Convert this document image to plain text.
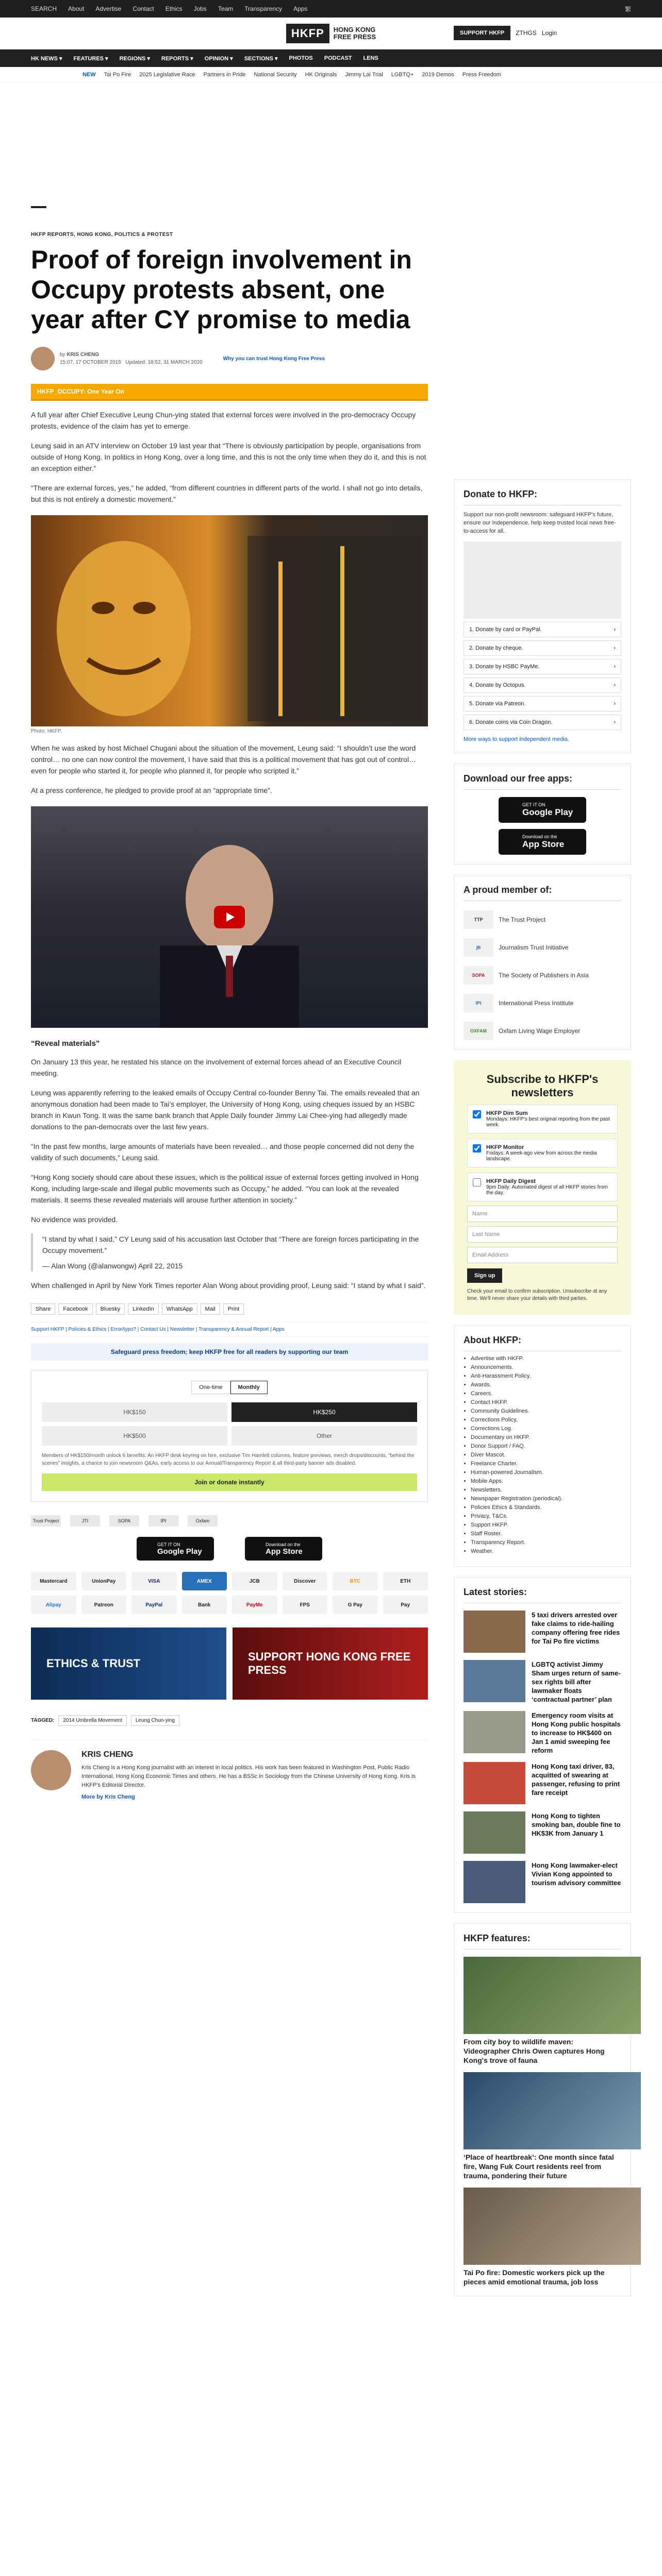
SEARCH About Advertise Contact Ethics Jobs Team Transparency Apps	繁
HKFP	HONG KONG
FREE PRESS	SUPPORT HKFP	ZTHGS Login
HK NEWS ▾ FEATURES ▾ REGIONS ▾ REPORTS ▾ OPINION ▾ SECTIONS ▾ PHOTOS PODCAST LENS
NEW Tai Po Fire 2025 Legislative Race Partners in Pride National Security HK Originals Jimmy Lai Trial LGBTQ+ 2019 Demos Press Freedom
HKFP REPORTS, HONG KONG, POLITICS & PROTEST
Proof of foreign involvement in Occupy protests absent, one year after CY promise to media
by KRIS CHENG
15:07, 17 OCTOBER 2015 Updated: 18:52, 31 MARCH 2020
Why you can trust Hong Kong Free Press
HKFP_OCCUPY: One Year On

A full year after Chief Executive Leung Chun-ying stated that external forces were involved in the pro-democracy Occupy protests, evidence of the claim has yet to emerge.

Leung said in an ATV interview on October 19 last year that “There is obviously participation by people, organisations from outside of Hong Kong. In politics in Hong Kong, over a long time, and this is not the only time when they do it, and this is not an exception either.”

“There are external forces, yes,” he added, “from different countries in different parts of the world. I shall not go into details, but this is not entirely a domestic movement.”

Photo: HKFP.

When he was asked by host Michael Chugani about the situation of the movement, Leung said: “I shouldn’t use the word control… no one can now control the movement, I have said that this is a political movement that has got out of control… even for people who started it, for people who planned it, for people who scripted it.”

At a press conference, he pledged to provide proof at an “appropriate time”.

“Reveal materials”

On January 13 this year, he restated his stance on the involvement of external forces ahead of an Executive Council meeting.

Leung was apparently referring to the leaked emails of Occupy Central co-founder Benny Tai. The emails revealed that an anonymous donation had been made to Tai’s employer, the University of Hong Kong, using cheques issued by an HSBC branch in Kwun Tong. It was the same bank branch that Apple Daily founder Jimmy Lai Chee-ying had allegedly made donations to the pan-democrats over the last few years.

“In the past few months, large amounts of materials have been revealed… and those people concerned did not deny the validity of such documents,” Leung said.

“Hong Kong society should care about these issues, which is the political issue of external forces getting involved in Hong Kong, including large-scale and illegal public movements such as Occupy,” he added. “You can look at the revealed materials. It seems these revealed materials will arouse further attention in society.”

No evidence was provided.

“I stand by what I said,” CY Leung said of his accusation last October that “There are foreign forces participating in the Occupy movement.”

— Alan Wong (@alanwongw) April 22, 2015

When challenged in April by New York Times reporter Alan Wong about providing proof, Leung said: “I stand by what I said”.

Share	Facebook	Bluesky	LinkedIn	WhatsApp	Mail	Print
Support HKFP | Policies & Ethics | Error/typo? | Contact Us | Newsletter | Transparency & Annual Report | Apps
Safeguard press freedom; keep HKFP free for all readers by supporting our team
One-time	Monthly
HK$150	HK$250
HK$500	Other
Members of HK$150/month unlock 6 benefits: An HKFP desk keyring on hire, exclusive Tim Hamlett columns, feature previews, merch drops/discounts, “behind the scenes” insights, a chance to join newsroom Q&As, early access to our Annual/Transparency Report & all third-party banner ads disabled.
Join or donate instantly
Trust Project	JTI	SOPA	IPI	Oxfam
GET IT ON
Google Play
Download on the
App Store
Mastercard	UnionPay	VISA	AMEX	JCB	Discover	BTC	ETH
Alipay	Patreon	PayPal	Bank	PayMe	FPS	G Pay	Pay
ETHICS & TRUST
SUPPORT HONG KONG FREE PRESS
TAGGED:	2014 Umbrella Movement	Leung Chun-ying
KRIS CHENG

Kris Cheng is a Hong Kong journalist with an interest in local politics. His work has been featured in Washington Post, Public Radio International, Hong Kong Economic Times and others. He has a BSSc in Sociology from the Chinese University of Hong Kong. Kris is HKFP's Editorial Director.

More by Kris Cheng
Donate to HKFP:

Support our non-profit newsroom: safeguard HKFP's future, ensure our independence, help keep trusted local news free-to-access for all.

1. Donate by card or PayPal.	›
2. Donate by cheque.	›
3. Donate by HSBC PayMe.	›
4. Donate by Octopus.	›
5. Donate via Patreon.	›
6. Donate coins via Coin Dragon.	›

More ways to support independent media.

Download our free apps:
GET IT ON
Google Play
Download on the
App Store
A proud member of:
TTP	The Trust Project
jti	Journalism Trust Initiative
SOPA	The Society of Publishers in Asia
IPI	International Press Institute
OXFAM	Oxfam Living Wage Employer
Subscribe to HKFP's newsletters
HKFP Dim Sum
Mondays: HKFP's best original reporting from the past week.
HKFP Monitor
Fridays: A week-ago view from across the media landscape.
HKFP Daily Digest
9pm Daily: Automated digest of all HKFP stories from the day.
Name
Last Name
Email Address
Sign up

Check your email to confirm subscription. Unsubscribe at any time. We'll never share your details with third parties.

About HKFP:
• Advertise with HKFP.
• Announcements.
• Anti-Harassment Policy.
• Awards.
• Careers.
• Contact HKFP.
• Community Guidelines.
• Corrections Policy.
• Corrections Log.
• Documentary on HKFP.
• Donor Support / FAQ.
• Diver Mascot.
• Freelance Charter.
• Human-powered Journalism.
• Mobile Apps.
• Newsletters.
• Newspaper Registration (periodical).
• Policies Ethics & Standards.
• Privacy, T&Cs.
• Support HKFP.
• Staff Roster.
• Transparency Report.
• Weather.
Latest stories:
5 taxi drivers arrested over fake claims to ride-hailing company offering free rides for Tai Po fire victims
LGBTQ activist Jimmy Sham urges return of same-sex rights bill after lawmaker floats ‘contractual partner’ plan
Emergency room visits at Hong Kong public hospitals to increase to HK$400 on Jan 1 amid sweeping fee reform
Hong Kong taxi driver, 83, acquitted of swearing at passenger, refusing to print fare receipt
Hong Kong to tighten smoking ban, double fine to HK$3K from January 1
Hong Kong lawmaker-elect Vivian Kong appointed to tourism advisory committee
HKFP features:
From city boy to wildlife maven: Videographer Chris Owen captures Hong Kong's trove of fauna
‘Place of heartbreak’: One month since fatal fire, Wang Fuk Court residents reel from trauma, pondering their future
Tai Po fire: Domestic workers pick up the pieces amid emotional trauma, job loss
